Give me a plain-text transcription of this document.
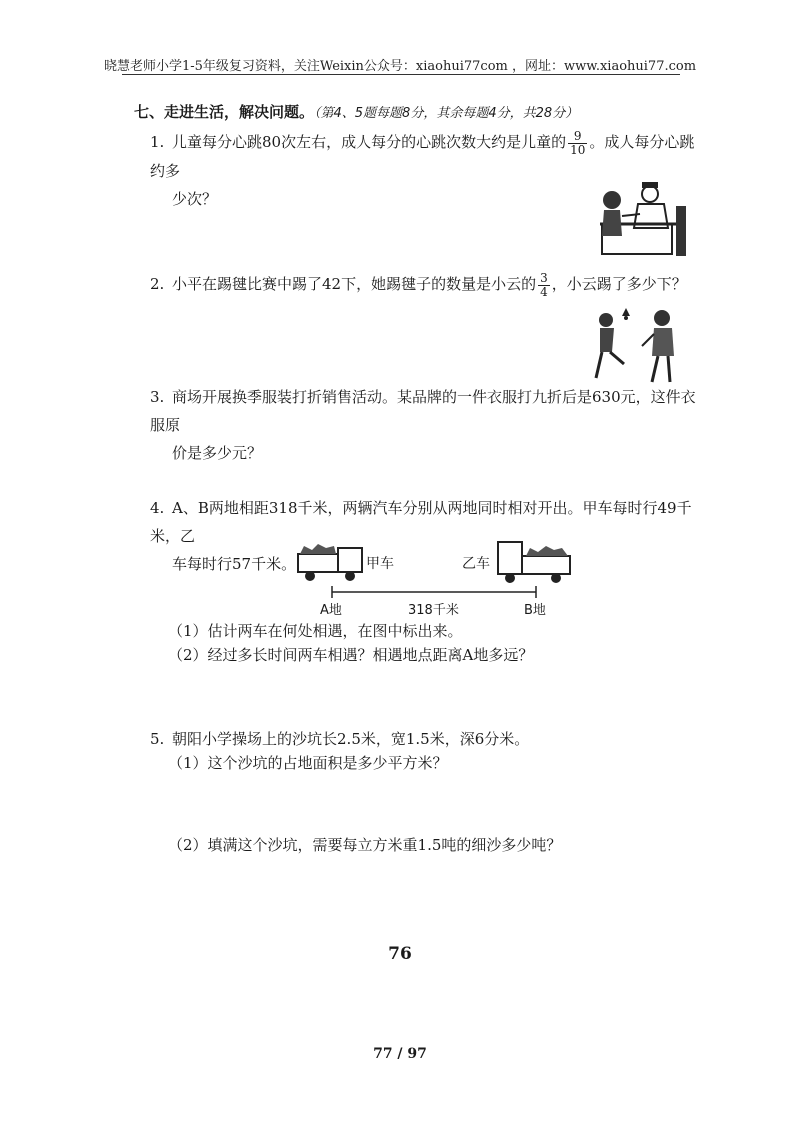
晓慧老师小学1-5年级复习资料，关注Weixin公众号：xiaohui77com ，网址：www.xiaohui77.com
七、走进生活，解决问题。（第4、5题每题8分，其余每题4分，共28分）
1. 儿童每分心跳80次左右，成人每分的心跳次数大约是儿童的 $\frac{9}{10}$ 。成人每分心跳约多
少次？
2. 小平在踢毽比赛中踢了42下，她踢毽子的数量是小云的 $\frac{3}{4}$ ，小云踢了多少下？
3. 商场开展换季服装打折销售活动。某品牌的一件衣服打九折后是630元，这件衣服原
价是多少元？
4. A、B两地相距318千米，两辆汽车分别从两地同时相对开出。甲车每时行49千米，乙
车每时行57千米。	甲车	乙车
A地	318千米	B地
（1）估计两车在何处相遇，在图中标出来。
（2）经过多长时间两车相遇？相遇地点距离A地多远？
5. 朝阳小学操场上的沙坑长2.5米，宽1.5米，深6分米。
（1）这个沙坑的占地面积是多少平方米？
（2）填满这个沙坑，需要每立方米重1.5吨的细沙多少吨？
76
77 / 97
